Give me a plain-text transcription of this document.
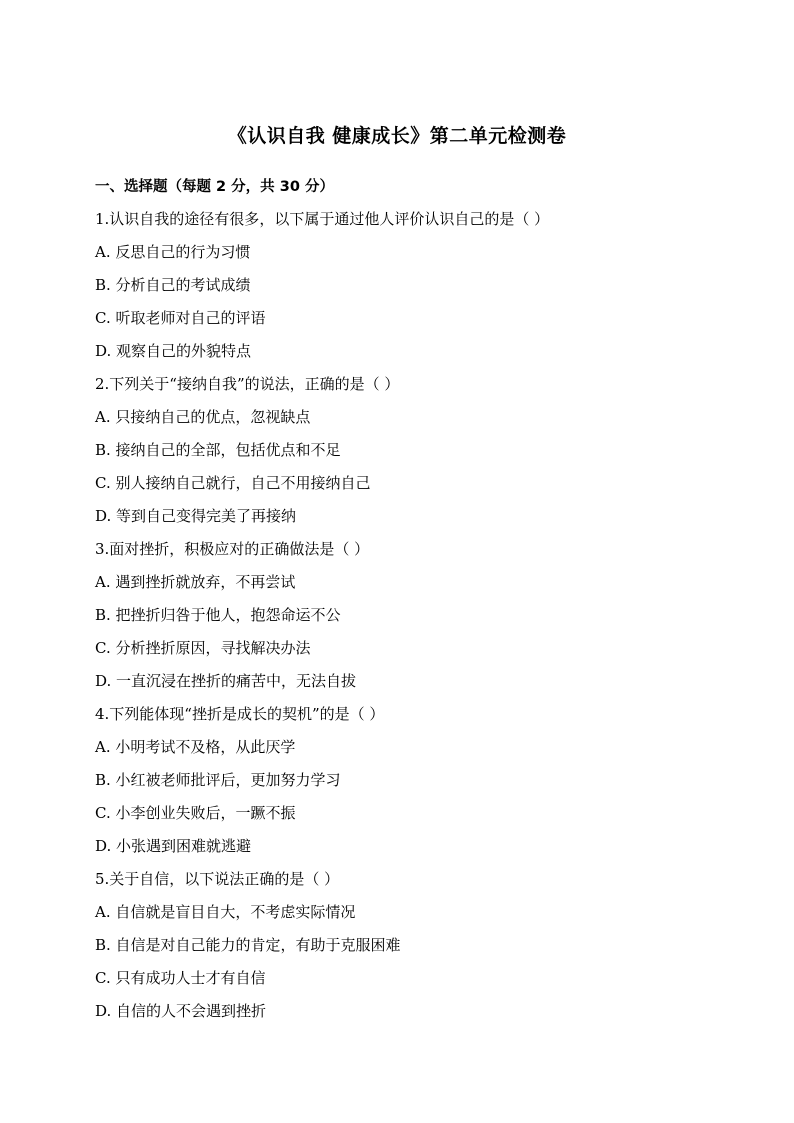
《认识自我 健康成长》第二单元检测卷
一、选择题（每题 2 分，共 30 分）
1.认识自我的途径有很多，以下属于通过他人评价认识自己的是（ ）
A. 反思自己的行为习惯
B. 分析自己的考试成绩
C. 听取老师对自己的评语
D. 观察自己的外貌特点
2.下列关于“接纳自我”的说法，正确的是（ ）
A. 只接纳自己的优点，忽视缺点
B. 接纳自己的全部，包括优点和不足
C. 别人接纳自己就行，自己不用接纳自己
D. 等到自己变得完美了再接纳
3.面对挫折，积极应对的正确做法是（ ）
A. 遇到挫折就放弃，不再尝试
B. 把挫折归咎于他人，抱怨命运不公
C. 分析挫折原因，寻找解决办法
D. 一直沉浸在挫折的痛苦中，无法自拔
4.下列能体现“挫折是成长的契机”的是（ ）
A. 小明考试不及格，从此厌学
B. 小红被老师批评后，更加努力学习
C. 小李创业失败后，一蹶不振
D. 小张遇到困难就逃避
5.关于自信，以下说法正确的是（ ）
A. 自信就是盲目自大，不考虑实际情况
B. 自信是对自己能力的肯定，有助于克服困难
C. 只有成功人士才有自信
D. 自信的人不会遇到挫折
